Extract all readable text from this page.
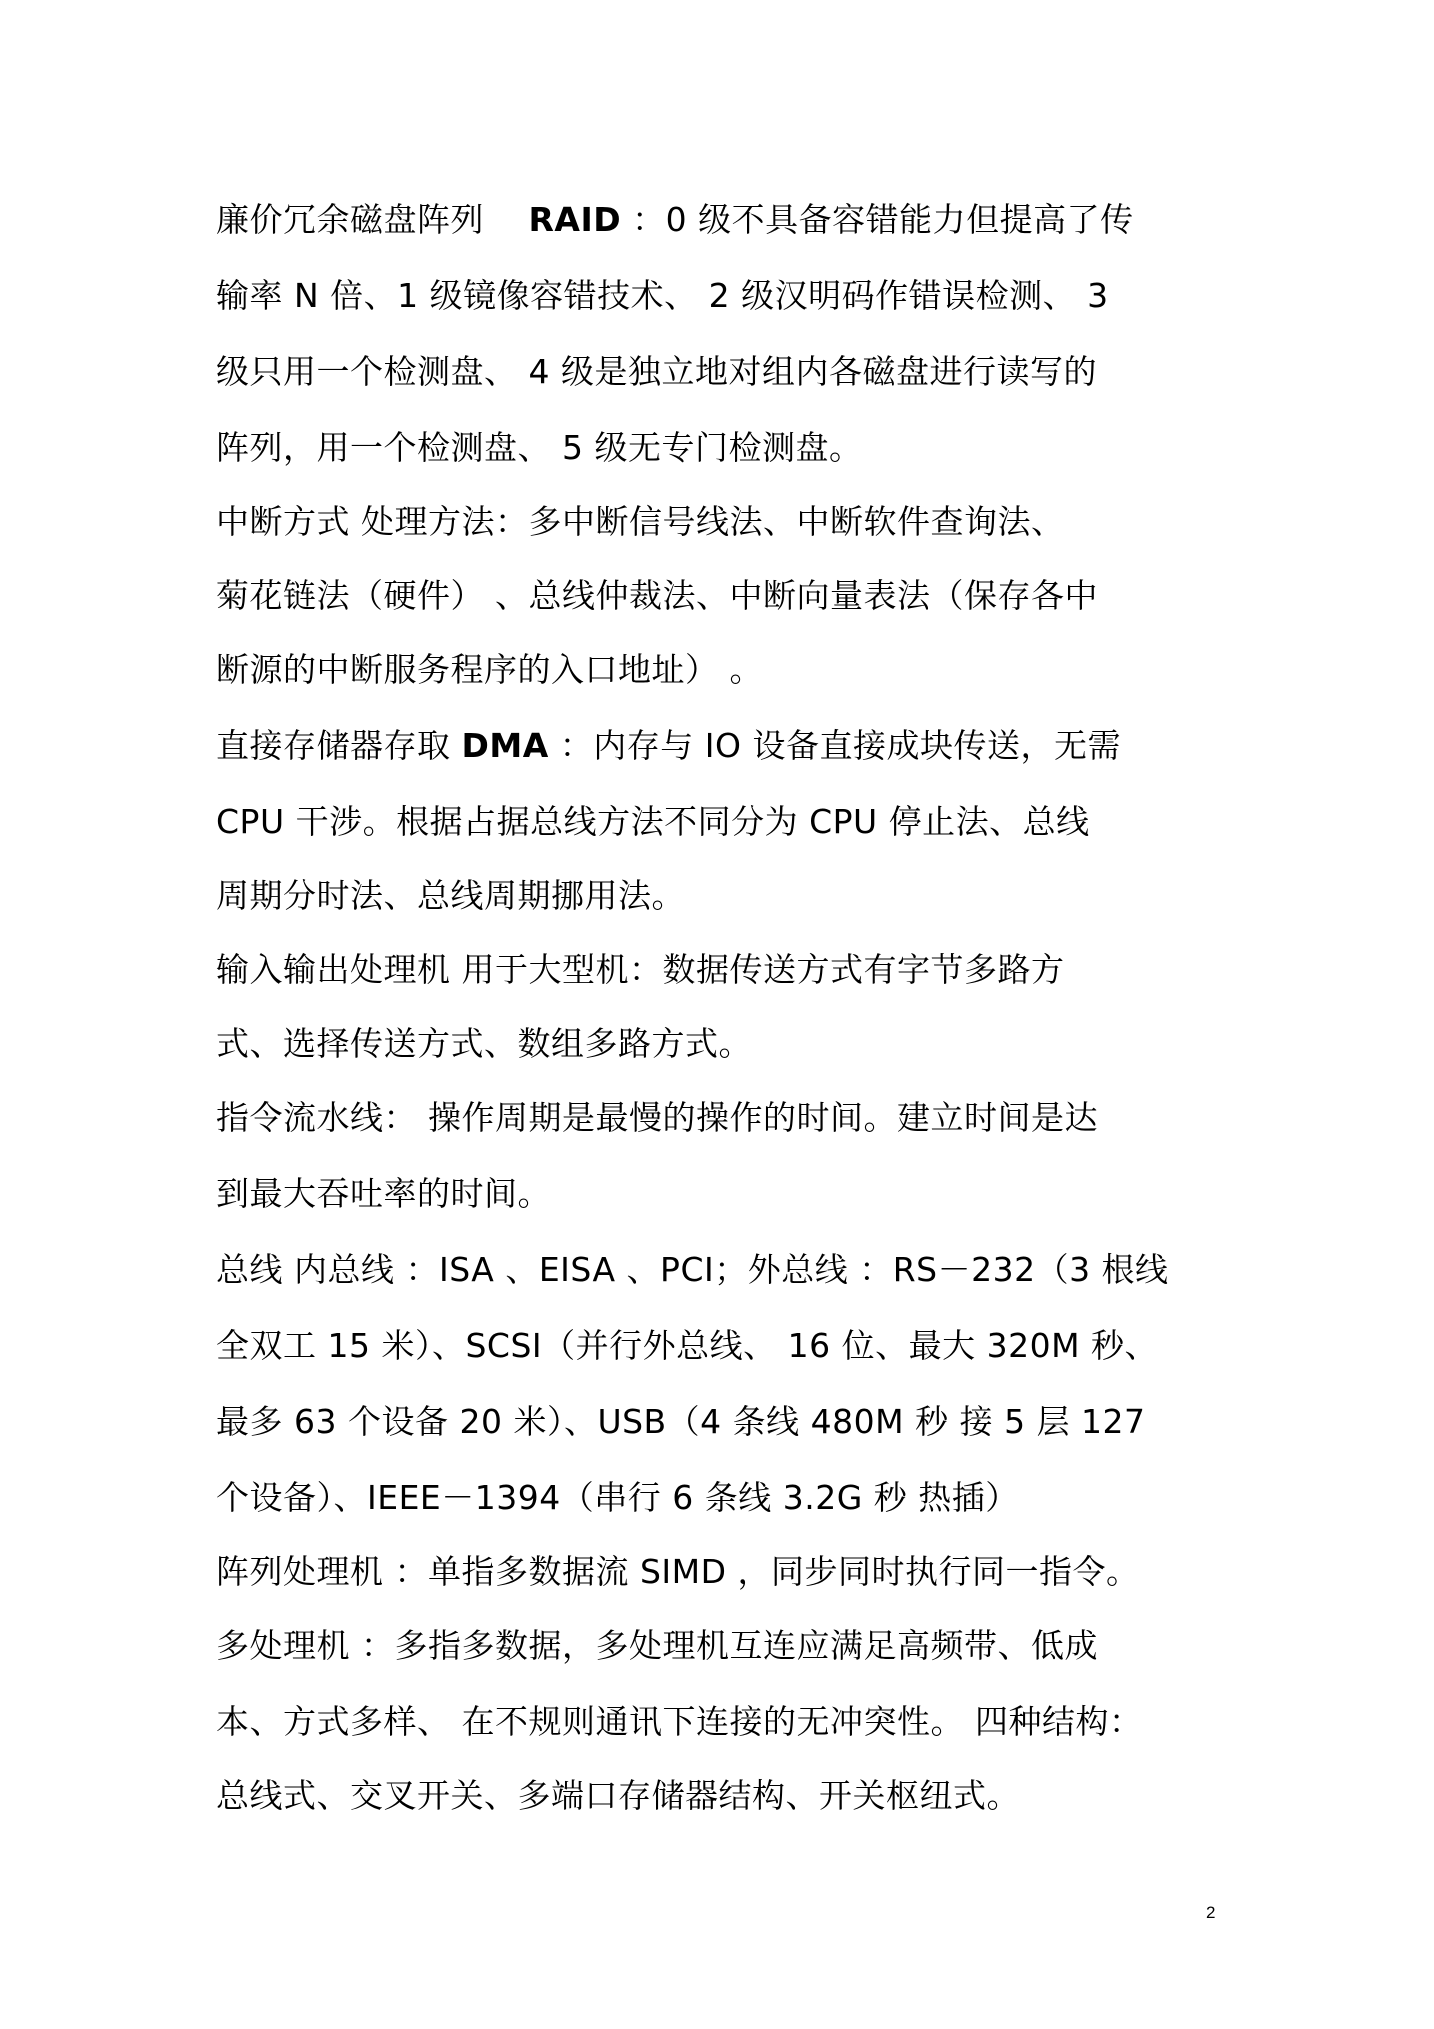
廉价冗余磁盘阵列　 RAID ：0 级不具备容错能力但提高了传
输率 N 倍、1 级镜像容错技术、 2 级汉明码作错误检测、 3
级只用一个检测盘、 4 级是独立地对组内各磁盘进行读写的
阵列，用一个检测盘、 5 级无专门检测盘。
中断方式 处理方法：多中断信号线法、中断软件查询法、
菊花链法（硬件） 、总线仲裁法、中断向量表法（保存各中
断源的中断服务程序的入口地址） 。
直接存储器存取 DMA ：内存与 IO 设备直接成块传送，无需
CPU 干涉。根据占据总线方法不同分为 CPU 停止法、总线
周期分时法、总线周期挪用法。
输入输出处理机 用于大型机：数据传送方式有字节多路方
式、选择传送方式、数组多路方式。
指令流水线： 操作周期是最慢的操作的时间。建立时间是达
到最大吞吐率的时间。
总线 内总线 ：ISA 、EISA 、PCI；外总线 ：RS－232（3 根线
全双工 15 米）、SCSI（并行外总线、 16 位、最大 320M 秒、
最多 63 个设备 20 米）、USB（4 条线 480M 秒 接 5 层 127
个设备）、IEEE－1394（串行 6 条线 3.2G 秒 热插）
阵列处理机 ：单指多数据流 SIMD ，同步同时执行同一指令。
多处理机 ：多指多数据，多处理机互连应满足高频带、低成
本、方式多样、 在不规则通讯下连接的无冲突性。 四种结构：
总线式、交叉开关、多端口存储器结构、开关枢纽式。
2
